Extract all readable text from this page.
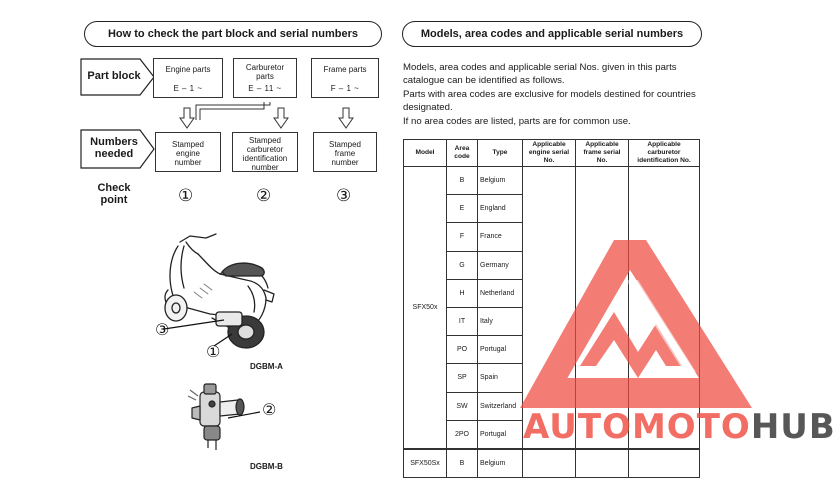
How to check the part block and serial numbers
Part block
Numbers needed
Check point
Engine parts
E – 1 ~
Carburetor parts
E – 11 ~
Frame parts
F – 1 ~
Stamped engine number
Stamped carburetor identification number
Stamped frame number
①	②	③
③
①
DGBM-A
②
DGBM-B
Models, area codes and applicable serial numbers

Models, area codes and applicable serial Nos. given in this parts catalogue can be identified as follows.

Parts with area codes are exclusive for models destined for countries designated.

If no area codes are listed, parts are for common use.

Model	Area code	Type	Applicable engine serial No.	Applicable frame serial No.	Applicable carburetor identification No.
SFX50x	B	Belgium			
	E	England			
	F	France			
	G	Germany			
	H	Netherland			
	IT	Italy			
	PO	Portugal			
	SP	Spain			
	SW	Switzerland			
	2PO	Portugal			
SFX50Sx	B	Belgium			
AUTOMOTOHUB
